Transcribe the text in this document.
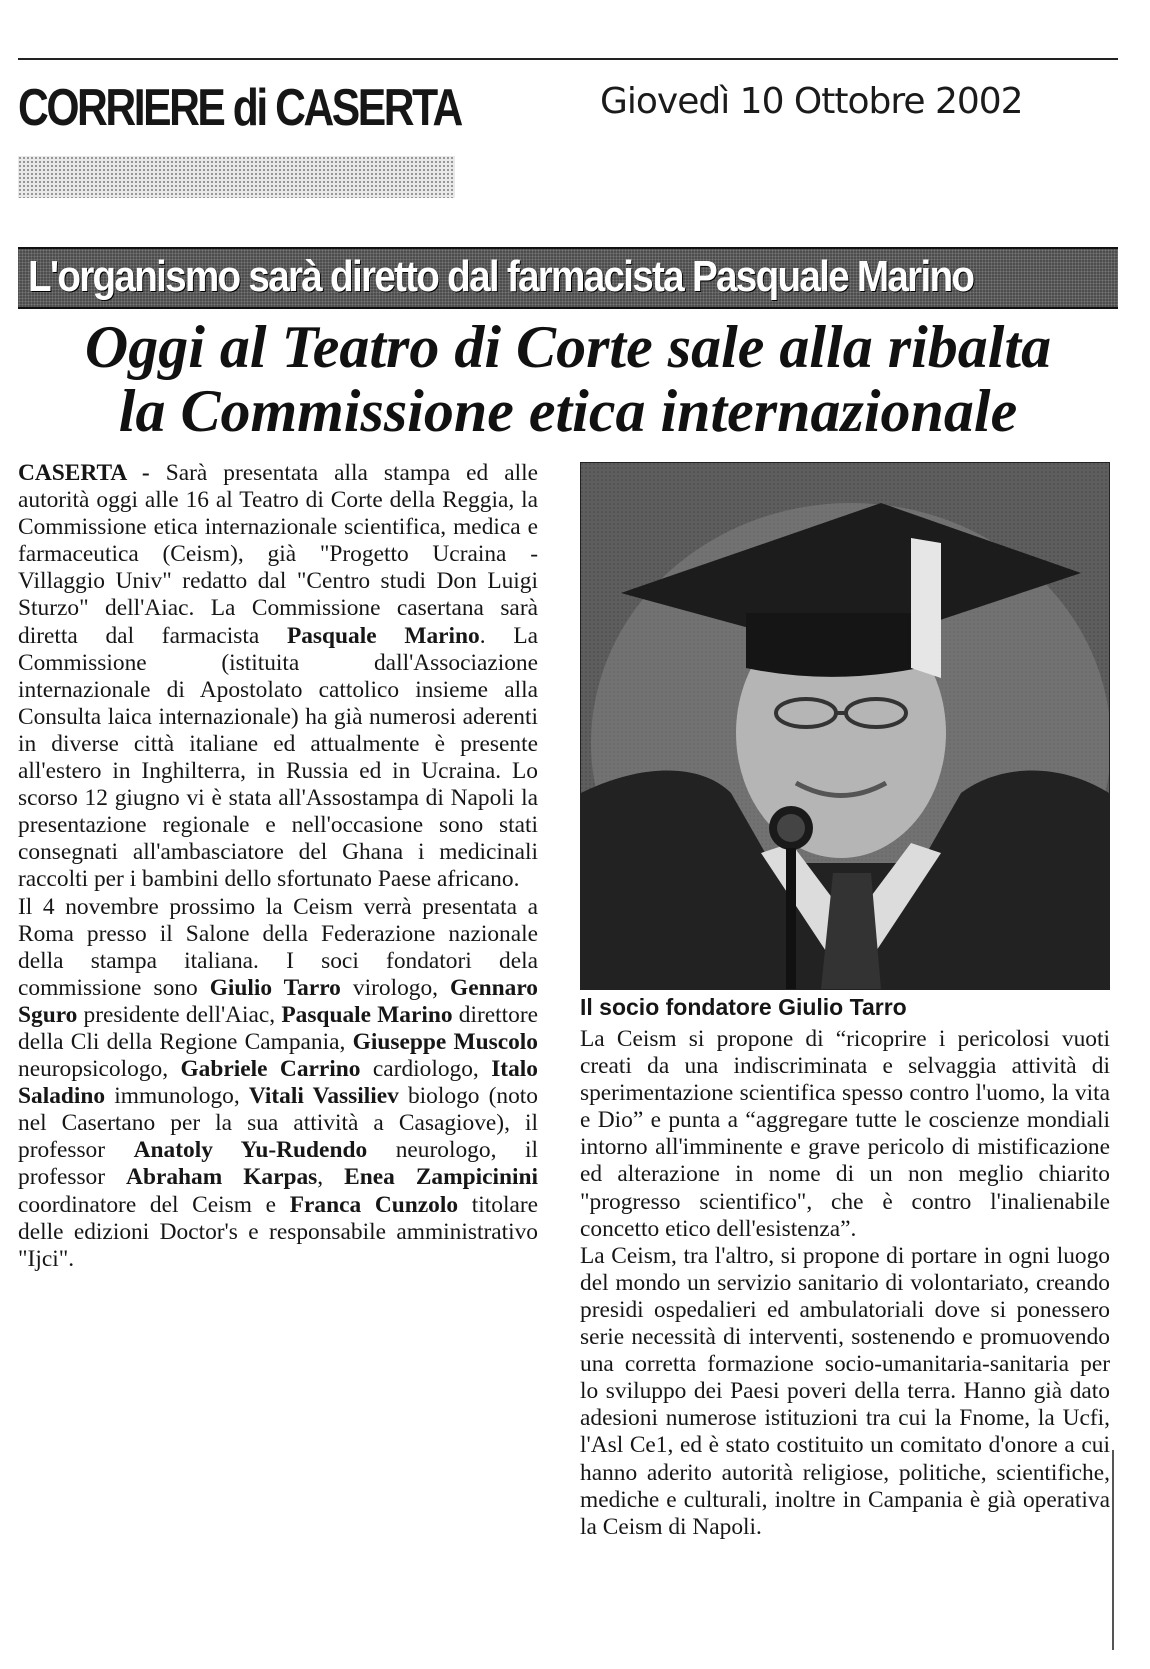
CORRIERE di CASERTA	Giovedì 10 Ottobre 2002

L'organismo sarà diretto dal farmacista Pasquale Marino

Oggi al Teatro di Corte sale alla ribalta
la Commissione etica internazionale

CASERTA - Sarà presentata alla stampa ed alle autorità oggi alle 16 al Teatro di Corte della Reggia, la Commissione etica internazionale scientifica, medica e farmaceutica (Ceism), già "Progetto Ucraina - Villaggio Univ" redatto dal "Centro studi Don Luigi Sturzo" dell'Aiac. La Commissione casertana sarà diretta dal farmacista Pasquale Marino. La Commissione (istituita dall'Associazione internazionale di Apostolato cattolico insieme alla Consulta laica internazionale) ha già numerosi aderenti in diverse città italiane ed attualmente è presente all'estero in Inghilterra, in Russia ed in Ucraina. Lo scorso 12 giugno vi è stata all'Assostampa di Napoli la presentazione regionale e nell'occasione sono stati consegnati all'ambasciatore del Ghana i medicinali raccolti per i bambini dello sfortunato Paese africano.

Il 4 novembre prossimo la Ceism verrà presentata a Roma presso il Salone della Federazione nazionale della stampa italiana. I soci fondatori dela commissione sono Giulio Tarro virologo, Gennaro Sguro presidente dell'Aiac, Pasquale Marino direttore della Cli della Regione Campania, Giuseppe Muscolo neuropsicologo, Gabriele Carrino cardiologo, Italo Saladino immunologo, Vitali Vassiliev biologo (noto nel Casertano per la sua attività a Casagiove), il professor Anatoly Yu-Rudendo neurologo, il professor Abraham Karpas, Enea Zampicinini coordinatore del Ceism e Franca Cunzolo titolare delle edizioni Doctor's e responsabile amministrativo "Ijci".

Il socio fondatore Giulio Tarro

La Ceism si propone di “ricoprire i pericolosi vuoti creati da una indiscriminata e selvaggia attività di sperimentazione scientifica spesso contro l'uomo, la vita e Dio” e punta a “aggregare tutte le coscienze mondiali intorno all'imminente e grave pericolo di mistificazione ed alterazione in nome di un non meglio chiarito "progresso scientifico", che è contro l'inalienabile concetto etico dell'esistenza”.

La Ceism, tra l'altro, si propone di portare in ogni luogo del mondo un servizio sanitario di volontariato, creando presidi ospedalieri ed ambulatoriali dove si ponessero serie necessità di interventi, sostenendo e promuovendo una corretta formazione socio-umanitaria-sanitaria per lo sviluppo dei Paesi poveri della terra. Hanno già dato adesioni numerose istituzioni tra cui la Fnome, la Ucfi, l'Asl Ce1, ed è stato costituito un comitato d'onore a cui hanno aderito autorità religiose, politiche, scientifiche, mediche e culturali, inoltre in Campania è già operativa la Ceism di Napoli.
